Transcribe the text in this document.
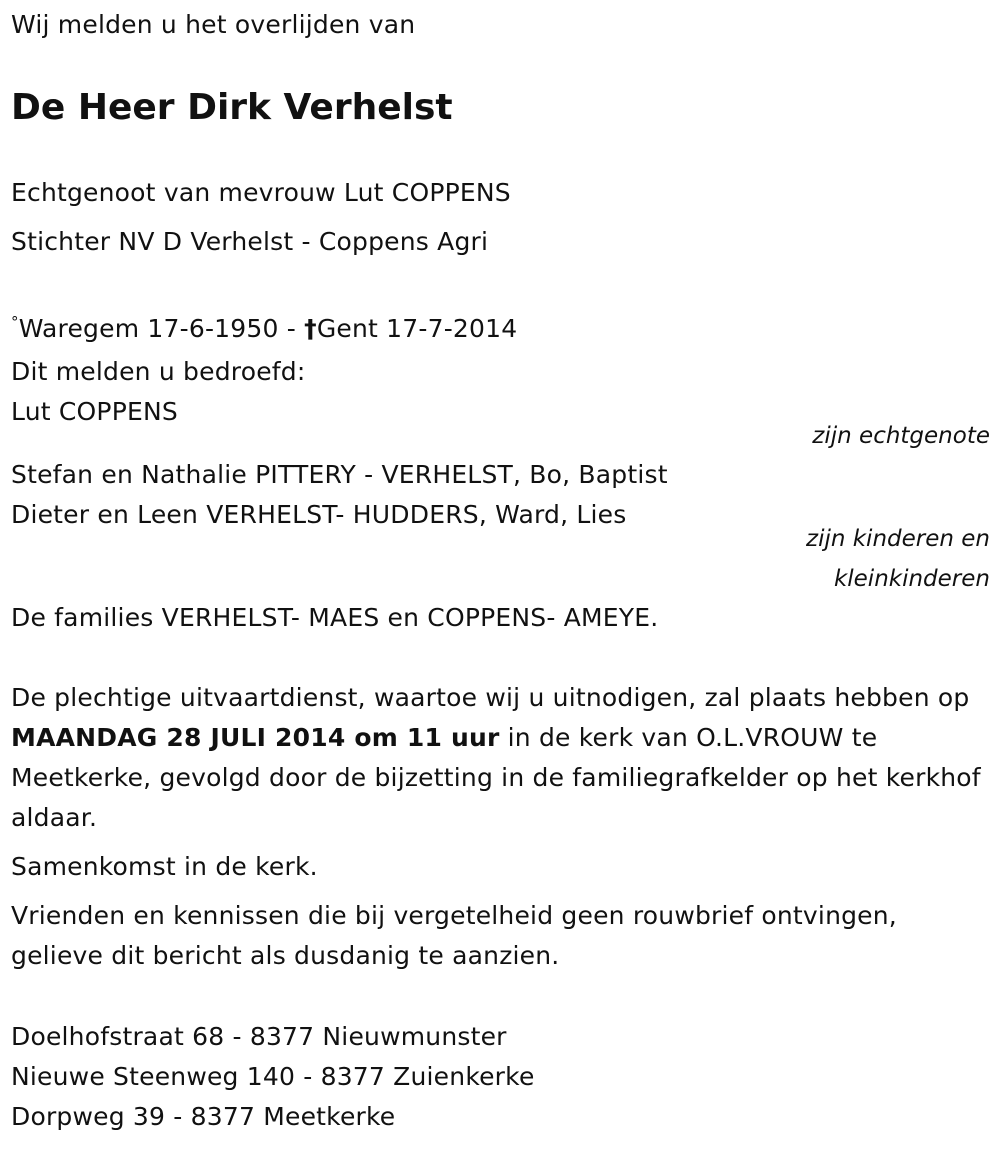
Wij melden u het overlijden van
De Heer Dirk Verhelst
Echtgenoot van mevrouw Lut COPPENS
Stichter NV D Verhelst - Coppens Agri
°Waregem 17-6-1950 - †Gent 17-7-2014
Dit melden u bedroefd:
Lut COPPENS
zijn echtgenote
Stefan en Nathalie PITTERY - VERHELST, Bo, Baptist
Dieter en Leen VERHELST- HUDDERS, Ward, Lies
zijn kinderen en
kleinkinderen
De families VERHELST- MAES en COPPENS- AMEYE.
De plechtige uitvaartdienst, waartoe wij u uitnodigen, zal plaats hebben op MAANDAG 28 JULI 2014 om 11 uur in de kerk van O.L.VROUW te Meetkerke, gevolgd door de bijzetting in de familiegrafkelder op het kerkhof aldaar.
Samenkomst in de kerk.
Vrienden en kennissen die bij vergetelheid geen rouwbrief ontvingen, gelieve dit bericht als dusdanig te aanzien.
Doelhofstraat 68 - 8377 Nieuwmunster
Nieuwe Steenweg 140 - 8377 Zuienkerke
Dorpweg 39 - 8377 Meetkerke
